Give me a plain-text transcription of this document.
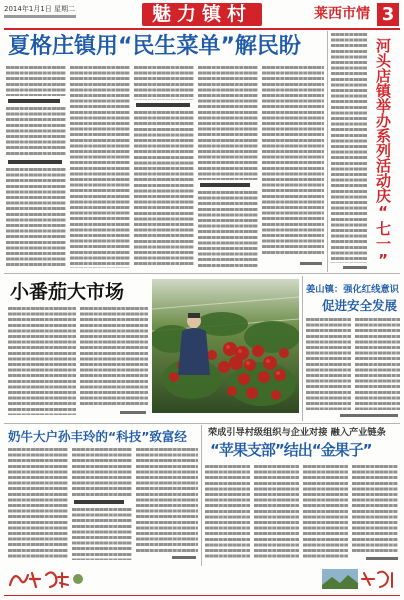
2014年1月1日 星期二	魅力镇村	莱西市情 3
夏格庄镇用“民生菜单”解民盼	河头店镇举办系列活动庆“七一”
小番茄大市场	姜山镇：强化红线意识
促进安全发展
奶牛大户孙丰玲的“科技”致富经 荣成引导村级组织与企业对接 融入产业链条
“苹果支部”结出“金果子”
